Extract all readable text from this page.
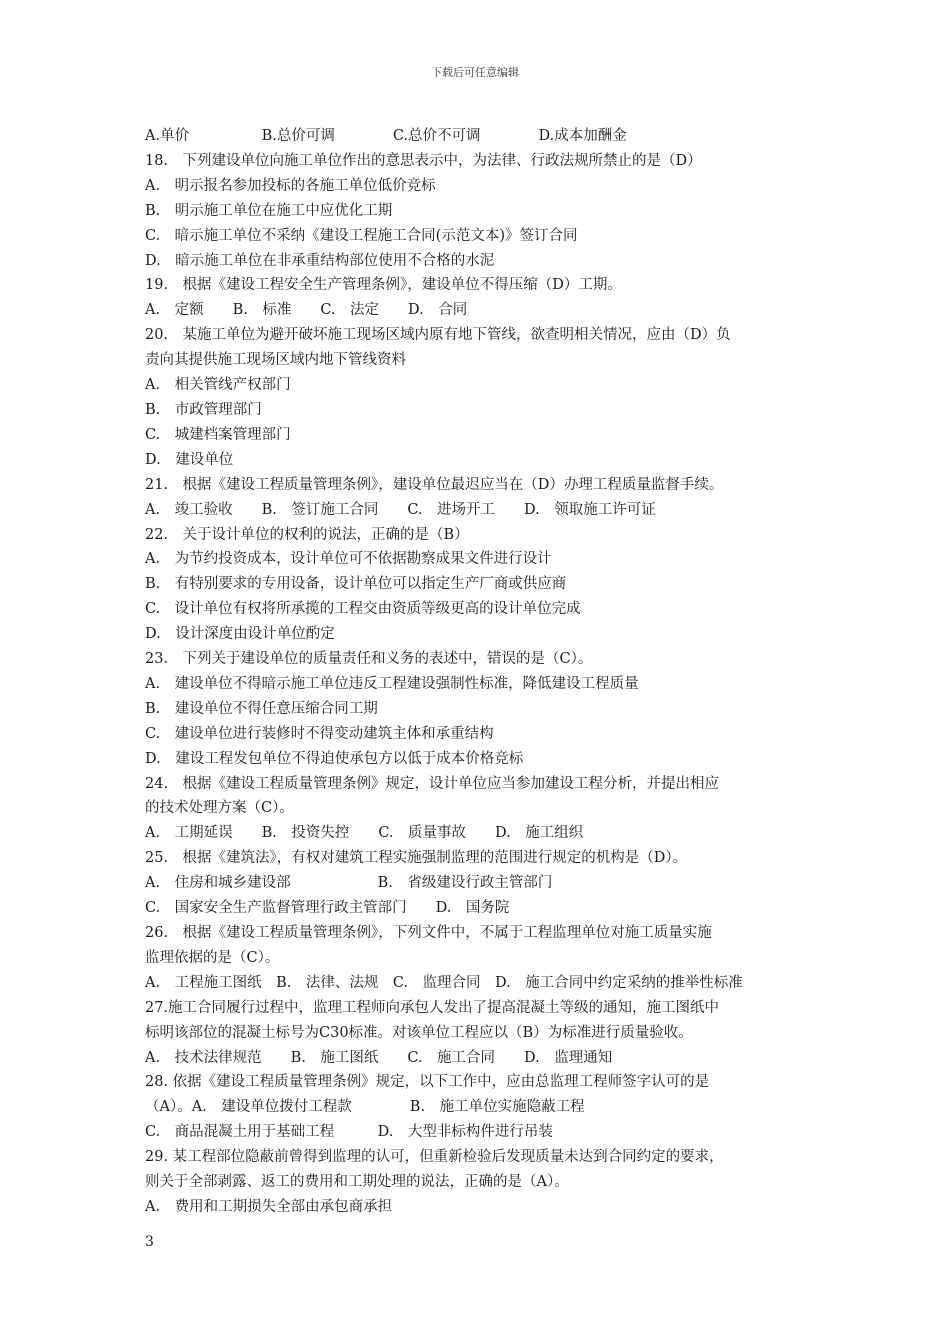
下载后可任意编辑
A.单价　　　　　B.总价可调　　　　C.总价不可调　　　　D.成本加酬金
18.　下列建设单位向施工单位作出的意思表示中，为法律、行政法规所禁止的是（D）
A.　明示报名参加投标的各施工单位低价竞标
B.　明示施工单位在施工中应优化工期
C.　暗示施工单位不采纳《建设工程施工合同(示范文本)》签订合同
D.　暗示施工单位在非承重结构部位使用不合格的水泥
19.　根据《建设工程安全生产管理条例》，建设单位不得压缩（D）工期。
A.　定额　　B.　标准　　C.　法定　　D.　合同
20.　某施工单位为避开破坏施工现场区域内原有地下管线，欲查明相关情况，应由（D）负
责向其提供施工现场区域内地下管线资料
A.　相关管线产权部门
B.　市政管理部门
C.　城建档案管理部门
D.　建设单位
21.　根据《建设工程质量管理条例》，建设单位最迟应当在（D）办理工程质量监督手续。
A.　竣工验收　　B.　签订施工合同　　C.　进场开工　　D.　领取施工许可证
22.　关于设计单位的权利的说法，正确的是（B）
A.　为节约投资成本，设计单位可不依据勘察成果文件进行设计
B.　有特别要求的专用设备，设计单位可以指定生产厂商或供应商
C.　设计单位有权将所承揽的工程交由资质等级更高的设计单位完成
D.　设计深度由设计单位酌定
23.　下列关于建设单位的质量责任和义务的表述中，错误的是（C）。
A.　建设单位不得暗示施工单位违反工程建设强制性标准，降低建设工程质量
B.　建设单位不得任意压缩合同工期
C.　建设单位进行装修时不得变动建筑主体和承重结构
D.　建设工程发包单位不得迫使承包方以低于成本价格竞标
24.　根据《建设工程质量管理条例》规定，设计单位应当参加建设工程分析，并提出相应
的技术处理方案（C）。
A.　工期延误　　B.　投资失控　　C.　质量事故　　D.　施工组织
25.　根据《建筑法》，有权对建筑工程实施强制监理的范围进行规定的机构是（D）。
A.　住房和城乡建设部　　　　　　B.　省级建设行政主管部门
C.　国家安全生产监督管理行政主管部门　　D.　国务院
26.　根据《建设工程质量管理条例》，下列文件中，不属于工程监理单位对施工质量实施
监理依据的是（C）。
A.　工程施工图纸　B.　法律、法规　C.　监理合同　D.　施工合同中约定采纳的推举性标准
27.施工合同履行过程中，监理工程师向承包人发出了提高混凝土等级的通知，施工图纸中
标明该部位的混凝土标号为C30标准。对该单位工程应以（B）为标准进行质量验收。
A.　技术法律规范　　B.　施工图纸　　C.　施工合同　　D.　监理通知
28. 依据《建设工程质量管理条例》规定，以下工作中，应由总监理工程师签字认可的是
（A）。A.　建设单位拨付工程款　　　　B.　施工单位实施隐蔽工程
C.　商品混凝土用于基础工程　　　D.　大型非标构件进行吊装
29. 某工程部位隐蔽前曾得到监理的认可，但重新检验后发现质量未达到合同约定的要求，
则关于全部剥露、返工的费用和工期处理的说法，正确的是（A）。
A.　费用和工期损失全部由承包商承担
3
